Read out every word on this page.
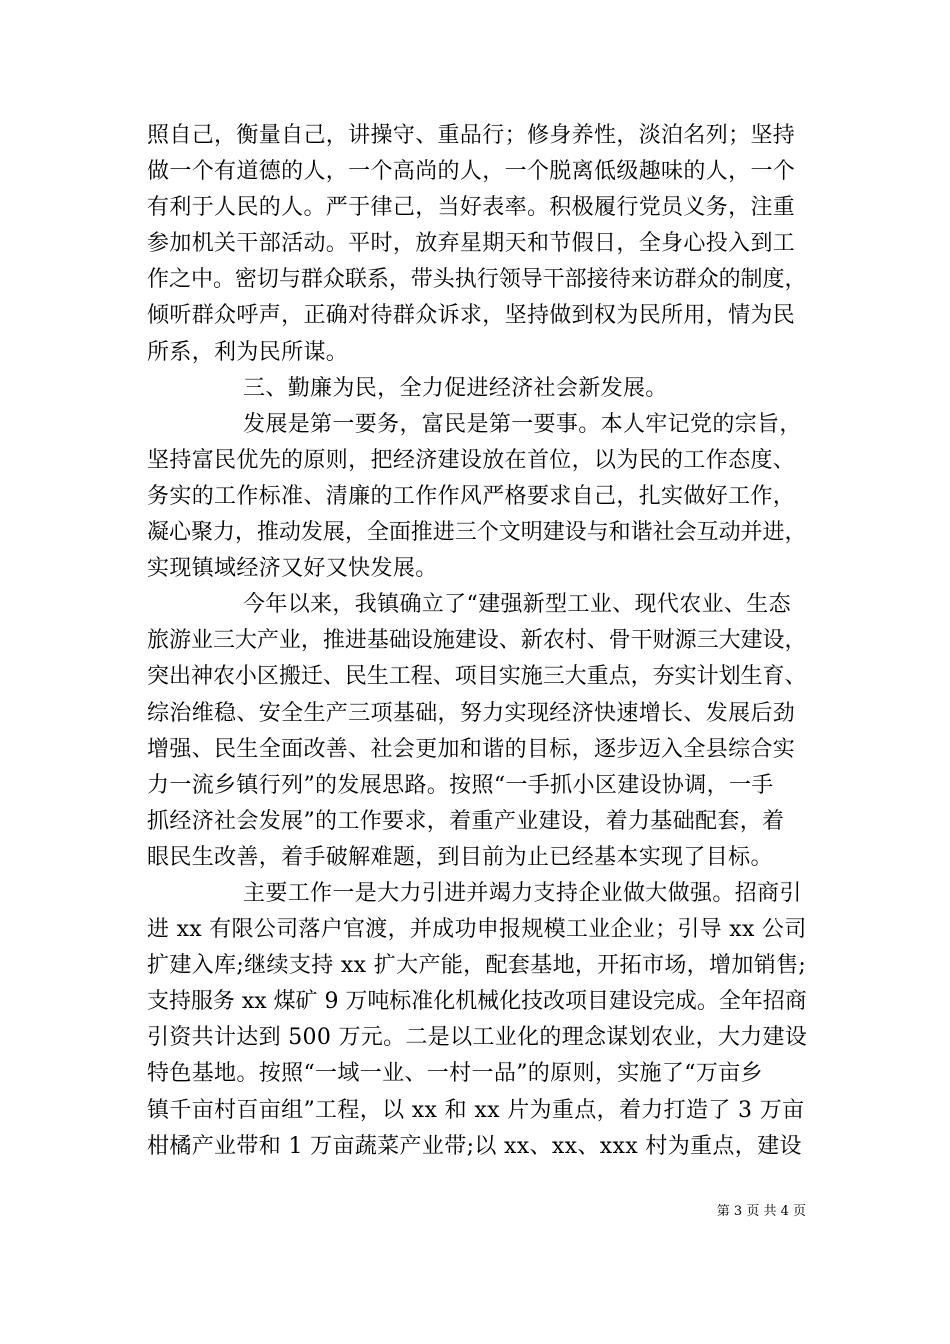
照自己，衡量自己，讲操守、重品行；修身养性，淡泊名列；坚持
做一个有道德的人，一个高尚的人，一个脱离低级趣味的人，一个
有利于人民的人。严于律己，当好表率。积极履行党员义务，注重
参加机关干部活动。平时，放弃星期天和节假日，全身心投入到工
作之中。密切与群众联系，带头执行领导干部接待来访群众的制度，
倾听群众呼声，正确对待群众诉求，坚持做到权为民所用，情为民
所系，利为民所谋。
三、勤廉为民，全力促进经济社会新发展。
发展是第一要务，富民是第一要事。本人牢记党的宗旨，
坚持富民优先的原则，把经济建设放在首位，以为民的工作态度、
务实的工作标准、清廉的工作作风严格要求自己，扎实做好工作，
凝心聚力，推动发展，全面推进三个文明建设与和谐社会互动并进，
实现镇域经济又好又快发展。
今年以来，我镇确立了“建强新型工业、现代农业、生态
旅游业三大产业，推进基础设施建设、新农村、骨干财源三大建设，
突出神农小区搬迁、民生工程、项目实施三大重点，夯实计划生育、
综治维稳、安全生产三项基础，努力实现经济快速增长、发展后劲
增强、民生全面改善、社会更加和谐的目标，逐步迈入全县综合实
力一流乡镇行列”的发展思路。按照“一手抓小区建设协调，一手
抓经济社会发展”的工作要求，着重产业建设，着力基础配套，着
眼民生改善，着手破解难题，到目前为止已经基本实现了目标。
主要工作一是大力引进并竭力支持企业做大做强。招商引
进 xx 有限公司落户官渡，并成功申报规模工业企业；引导 xx 公司
扩建入库;继续支持 xx 扩大产能，配套基地，开拓市场，增加销售;
支持服务 xx 煤矿 9 万吨标准化机械化技改项目建设完成。全年招商
引资共计达到 500 万元。二是以工业化的理念谋划农业，大力建设
特色基地。按照“一域一业、一村一品”的原则，实施了“万亩乡
镇千亩村百亩组”工程，以 xx 和 xx 片为重点，着力打造了 3 万亩
柑橘产业带和 1 万亩蔬菜产业带;以 xx、xx、xxx 村为重点，建设
第 3 页 共 4 页
